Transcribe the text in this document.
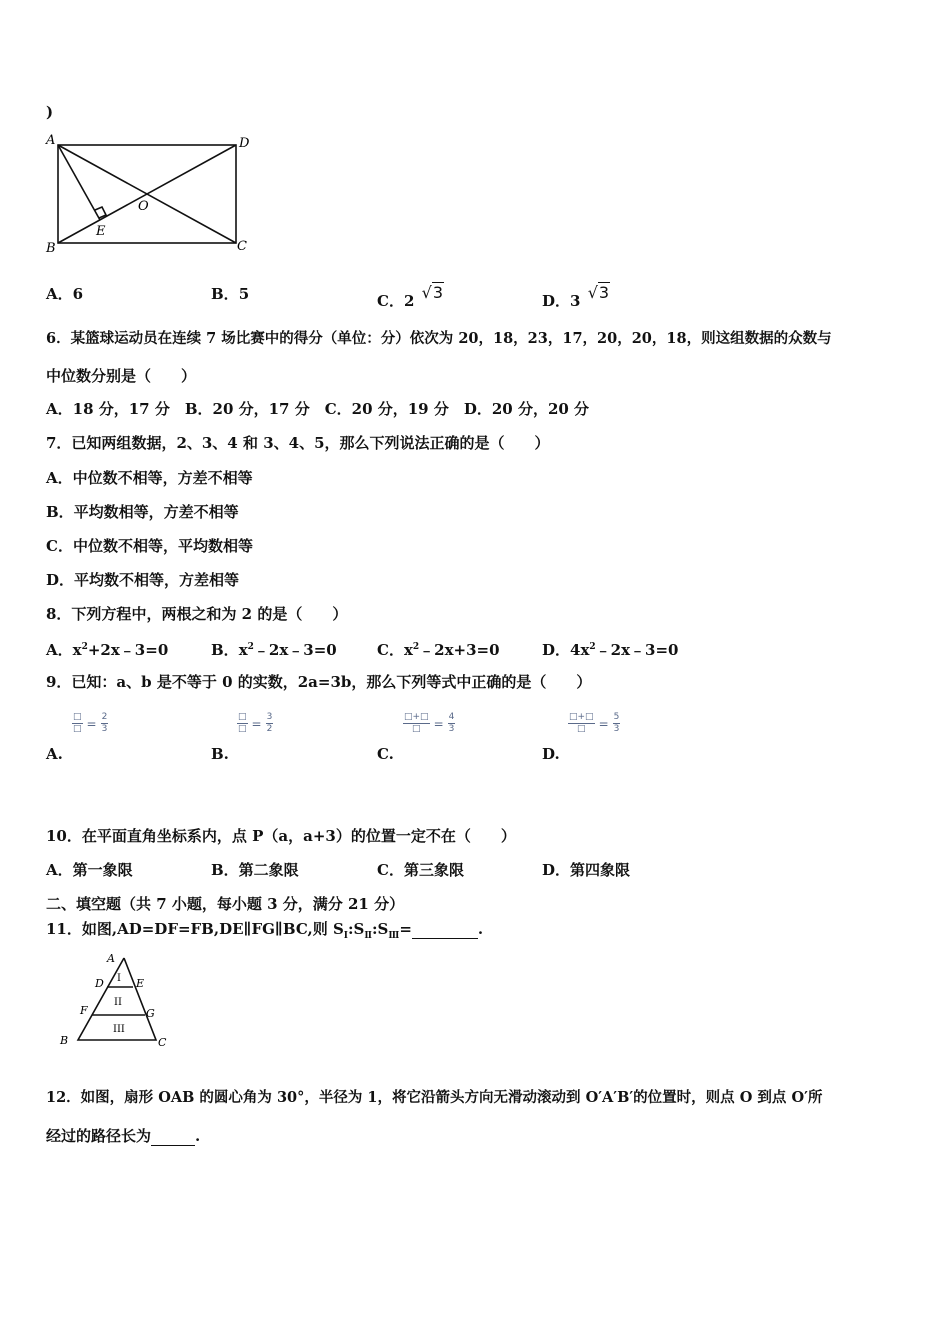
)
A	D
B	C
O
E
A．6	B．5	C．2 √3	D．3 √3
6．某篮球运动员在连续 7 场比赛中的得分（单位：分）依次为 20，18，23，17，20，20，18，则这组数据的众数与
中位数分别是（　　）
A．18 分，17 分　B．20 分，17 分　C．20 分，19 分　D．20 分，20 分
7．已知两组数据，2、3、4 和 3、4、5，那么下列说法正确的是（　　）
A．中位数不相等，方差不相等
B．平均数相等，方差不相等
C．中位数不相等，平均数相等
D．平均数不相等，方差相等
8．下列方程中，两根之和为 2 的是（　　）
A．$x^2+2x﹣3=0$	B．$x^2﹣2x﹣3=0$	C．$x^2﹣2x+3=0$	D．$4x^2﹣2x﹣3=0$
9．已知：a、b 是不等于 0 的实数，2a=3b，那么下列等式中正确的是（　　）
□
□ = $\frac{2}{3}$
A.
□
□ = $\frac{3}{2}$
B.
□+□
□ = $\frac{4}{3}$
C.
□+□
□ = $\frac{5}{3}$
D.
10．在平面直角坐标系内，点 P（a，a+3）的位置一定不在（　　）
A．第一象限	B．第二象限	C．第三象限	D．第四象限
二、填空题（共 7 小题，每小题 3 分，满分 21 分）
11．如图,AD=DF=FB,DE∥FG∥BC,则 $S_Ⅰ:S_Ⅱ:S_Ⅲ=$	.
A
D	E
F	G
B	C
I
II
III
12．如图，扇形 OAB 的圆心角为 30°，半径为 1，将它沿箭头方向无滑动滚动到 O′A′B′的位置时，则点 O 到点 O′所
经过的路径长为	.
